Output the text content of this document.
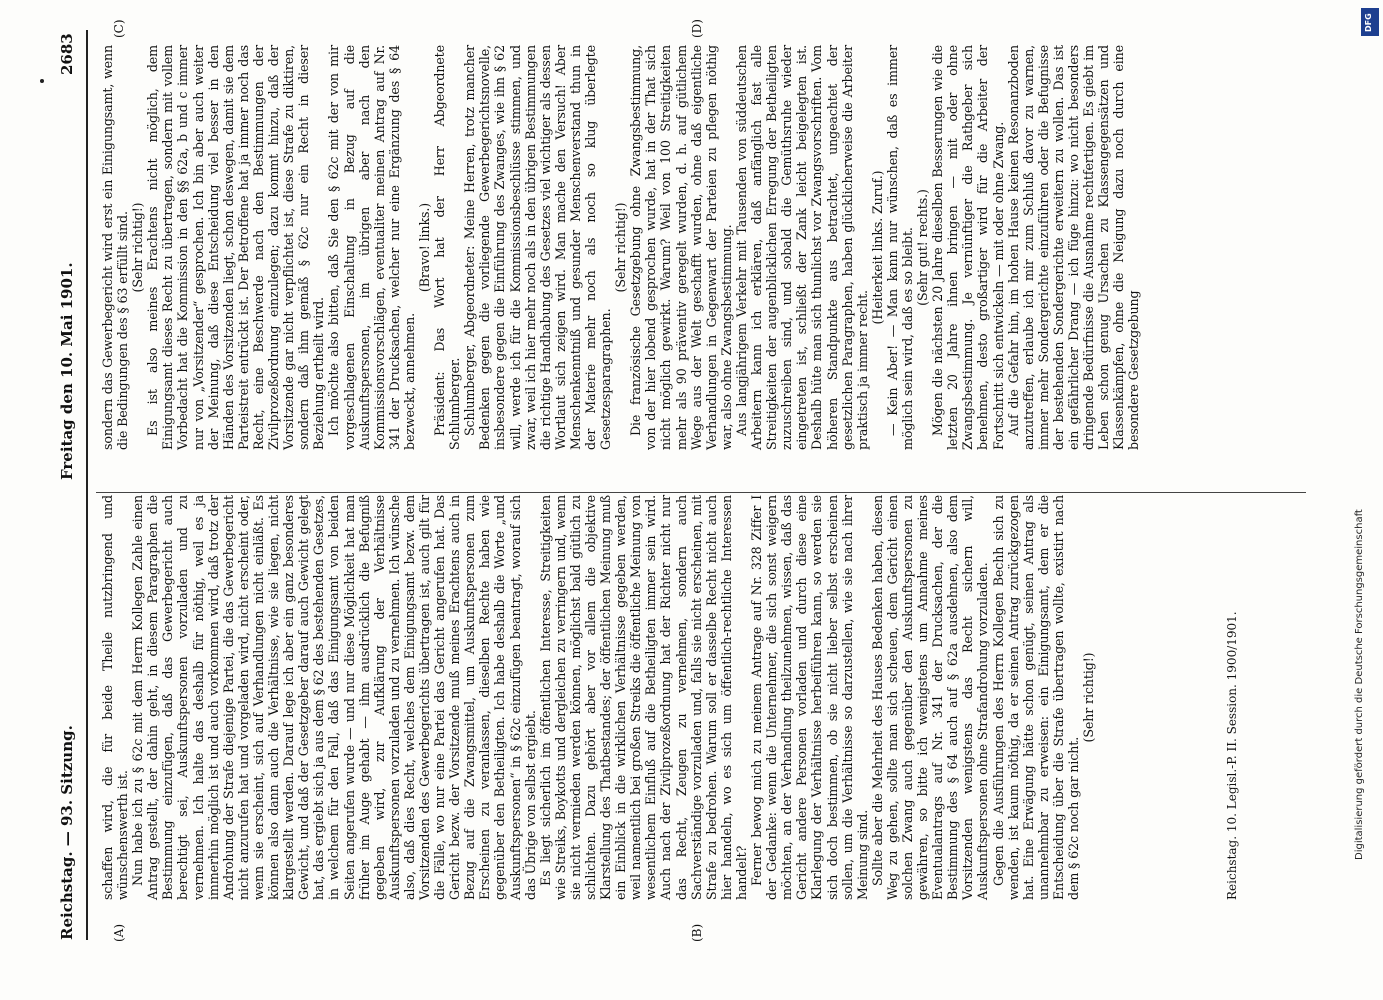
Reichstag. — 93. Sitzung.
Freitag den 10. Mai 1901.
2683
(A)	(B)
(C)	(D)

schaffen wird, die für beide Theile nutzbringend und wünschenswerth ist. Nun habe ich zu § 62c mit dem Herrn Kollegen Zahle einen Antrag gestellt, der dahin geht, in diesem Paragraphen die Bestimmung einzufügen, daß das Gewerbegericht auch berechtigt sei, Auskunftspersonen vorzuladen und zu vernehmen. Ich halte das deshalb für nöthig, weil es ja immerhin möglich ist und auch vorkommen wird, daß trotz der Androhung der Strafe diejenige Partei, die das Gewerbegericht nicht anzurufen hat und vorgeladen wird, nicht erscheint oder, wenn sie erscheint, sich auf Verhandlungen nicht einläßt. Es können also dann auch die Verhältnisse, wie sie liegen, nicht klargestellt werden. Darauf lege ich aber ein ganz besonderes Gewicht, und daß der Gesetzgeber darauf auch Gewicht gelegt hat, das ergiebt sich ja aus dem § 62 des bestehenden Gesetzes, in welchem für den Fall, daß das Einigungsamt von beiden Seiten angerufen wurde — und nur diese Möglichkeit hat man früher im Auge gehabt — ihm ausdrücklich die Befugniß gegeben wird, zur Aufklärung der Verhältnisse Auskunftspersonen vorzuladen und zu vernehmen. Ich wünsche also, daß dies Recht, welches dem Einigungsamt bezw. dem Vorsitzenden des Gewerbegerichts übertragen ist, auch gilt für die Fälle, wo nur eine Partei das Gericht angerufen hat. Das Gericht bezw. der Vorsitzende muß meines Erachtens auch in Bezug auf die Zwangsmittel, um Auskunftspersonen zum Erscheinen zu veranlassen, dieselben Rechte haben wie gegenüber den Betheiligten. Ich habe deshalb die Worte „und Auskunftspersonen“ in § 62c einzufügen beantragt, worauf sich das Übrige von selbst ergiebt. Es liegt sicherlich im öffentlichen Interesse, Streitigkeiten wie Streiks, Boykotts und dergleichen zu verringern und, wenn sie nicht vermieden werden können, möglichst bald gütlich zu schlichten. Dazu gehört aber vor allem die objektive Klarstellung des Thatbestandes; der öffentlichen Meinung muß ein Einblick in die wirklichen Verhältnisse gegeben werden, weil namentlich bei großen Streiks die öffentliche Meinung von wesentlichem Einfluß auf die Betheiligten immer sein wird. Auch nach der Zivilprozeßordnung hat der Richter nicht nur das Recht, Zeugen zu vernehmen, sondern auch Sachverständige vorzuladen und, falls sie nicht erscheinen, mit Strafe zu bedrohen. Warum soll er dasselbe Recht nicht auch hier handeln, wo es sich um öffentlich-rechtliche Interessen handelt? Ferner bewog mich zu meinem Antrage auf Nr. 328 Ziffer I der Gedanke: wenn die Unternehmer, die sich sonst weigern möchten, an der Verhandlung theilzunehmen, wissen, daß das Gericht andere Personen vorladen und durch diese eine Klarlegung der Verhältnisse herbeiführen kann, so werden sie sich doch bestimmen, ob sie nicht lieber selbst erscheinen sollen, um die Verhältnisse so darzustellen, wie sie nach ihrer Meinung sind. Sollte aber die Mehrheit des Hauses Bedenken haben, diesen Weg zu gehen, sollte man sich scheuen, dem Gericht einen solchen Zwang auch gegenüber den Auskunftspersonen zu gewähren, so bitte ich wenigstens um Annahme meines Eventualantrags auf Nr. 341 der Drucksachen, der die Bestimmung des § 64 auch auf § 62a ausdehnen, also dem Vorsitzenden wenigstens das Recht sichern will, Auskunftspersonen ohne Strafandrohung vorzuladen. Gegen die Ausführungen des Herrn Kollegen Bechh sich zu wenden, ist kaum nöthig, da er seinen Antrag zurückgezogen hat. Eine Erwägung hätte schon genügt, seinen Antrag als unannehmbar zu erweisen: ein Einigungsamt, dem er die Entscheidung über die Strafe übertragen wollte, existirt nach dem § 62c noch gar nicht.

(Sehr richtig!)

sondern das Gewerbegericht wird erst ein Einigungsamt, wenn die Bedingungen des § 63 erfüllt sind. (Sehr richtig!) Es ist also meines Erachtens nicht möglich, dem Einigungsamt dieses Recht zu übertragen, sondern mit vollem Vorbedacht hat die Kommission in den §§ 62a, b und c immer nur von „Vorsitzender“ gesprochen. Ich bin aber auch weiter der Meinung, daß diese Entscheidung viel besser in den Händen des Vorsitzenden liegt, schon deswegen, damit sie dem Parteistreit entrückt ist. Der Betroffene hat ja immer noch das Recht, eine Beschwerde nach den Bestimmungen der Zivilprozeßordnung einzulegen; dazu kommt hinzu, daß der Vorsitzende gar nicht verpflichtet ist, diese Strafe zu diktiren, sondern daß ihm gemäß § 62c nur ein Recht in dieser Beziehung ertheilt wird. Ich möchte also bitten, daß Sie den § 62c mit der von mir vorgeschlagenen Einschaltung in Bezug auf die Auskunftspersonen, im übrigen aber nach den Kommissionsvorschlägen, eventualiter meinen Antrag auf Nr. 341 der Drucksachen, welcher nur eine Ergänzung des § 64 bezweckt, annehmen.

(Bravo! links.) Präsident: Das Wort hat der Herr Abgeordnete Schlumberger. Schlumberger, Abgeordneter: Meine Herren, trotz mancher Bedenken gegen die vorliegende Gewerbegerichtsnovelle, insbesondere gegen die Einführung des Zwanges, wie ihn § 62 will, werde ich für die Kommissionsbeschlüsse stimmen, und zwar, weil ich hier mehr noch als in den übrigen Bestimmungen die richtige Handhabung des Gesetzes viel wichtiger als dessen Wortlaut sich zeigen wird. Man mache den Versuch! Aber Menschenkenntniß und gesunder Menschenverstand thun in der Materie mehr noch als noch so klug überlegte Gesetzesparagraphen.

(Sehr richtig!) Die französische Gesetzgebung ohne Zwangsbestimmung, von der hier lobend gesprochen wurde, hat in der That sich nicht möglich gewirkt. Warum? Weil von 100 Streitigkeiten mehr als 90 präventiv geregelt wurden, d. h. auf gütlichem Wege aus der Welt geschafft wurden, ohne daß eigentliche Verhandlungen in Gegenwart der Parteien zu pflegen nöthig war, also ohne Zwangsbestimmung. Aus langjährigem Verkehr mit Tausenden von süddeutschen Arbeitern kann ich erklären, daß anfänglich fast alle Streitigkeiten der augenblicklichen Erregung der Betheiligten zuzuschreiben sind, und sobald die Gemüthsruhe wieder eingetreten ist, schließt der Zank leicht beigelegten ist. Deshalb hüte man sich thunlichst vor Zwangsvorschriften. Vom höheren Standpunkte aus betrachtet, ungeachtet der gesetzlichen Paragraphen, haben glücklicherweise die Arbeiter praktisch ja immer recht.

(Heiterkeit links. Zuruf.) — Kein Aber! — Man kann nur wünschen, daß es immer möglich sein wird, daß es so bleibt. (Sehr gut! rechts.) Mögen die nächsten 20 Jahre dieselben Besserungen wie die letzten 20 Jahre ihnen bringen — mit oder ohne Zwangsbestimmung. Je vernünftiger die Rathgeber sich benehmen, desto großartiger wird für die Arbeiter der Fortschritt sich entwickeln — mit oder ohne Zwang. Auf die Gefahr hin, im hohen Hause keinen Resonanzboden anzutreffen, erlaube ich mir zum Schluß davor zu warnen, immer mehr Sondergerichte einzuführen oder die Befugnisse der bestehenden Sondergerichte erweitern zu wollen. Das ist ein gefährlicher Drang — ich füge hinzu: wo nicht besonders dringende Bedürfnisse die Ausnahme rechtfertigen. Es giebt im Leben schon genug Ursachen zu Klassengegensätzen und Klassenkämpfen, ohne die Neigung dazu noch durch eine besondere Gesetzgebung

Reichstag. 10. Legisl.-P. II. Session. 1900/1901.	Digitalisierung gefördert durch die Deutsche Forschungsgemeinschaft
DFG
